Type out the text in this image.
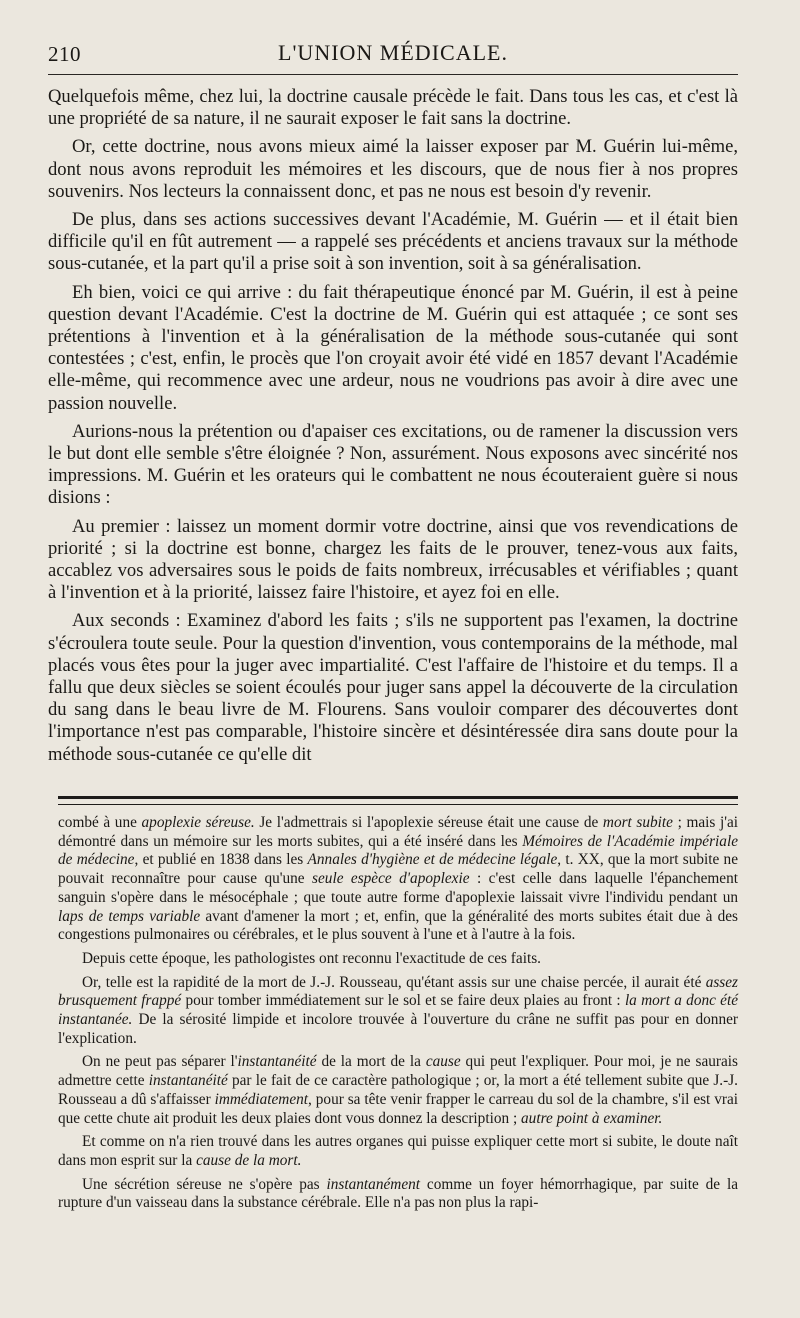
210	L'UNION MÉDICALE.

Quelquefois même, chez lui, la doctrine causale précède le fait. Dans tous les cas, et c'est là une propriété de sa nature, il ne saurait exposer le fait sans la doctrine.

Or, cette doctrine, nous avons mieux aimé la laisser exposer par M. Guérin lui-même, dont nous avons reproduit les mémoires et les discours, que de nous fier à nos propres souvenirs. Nos lecteurs la connaissent donc, et pas ne nous est besoin d'y revenir.

De plus, dans ses actions successives devant l'Académie, M. Guérin — et il était bien difficile qu'il en fût autrement — a rappelé ses précédents et anciens travaux sur la méthode sous-cutanée, et la part qu'il a prise soit à son invention, soit à sa généralisation.

Eh bien, voici ce qui arrive : du fait thérapeutique énoncé par M. Guérin, il est à peine question devant l'Académie. C'est la doctrine de M. Guérin qui est attaquée ; ce sont ses prétentions à l'invention et à la généralisation de la méthode sous-cutanée qui sont contestées ; c'est, enfin, le procès que l'on croyait avoir été vidé en 1857 devant l'Académie elle-même, qui recommence avec une ardeur, nous ne voudrions pas avoir à dire avec une passion nouvelle.

Aurions-nous la prétention ou d'apaiser ces excitations, ou de ramener la discussion vers le but dont elle semble s'être éloignée ? Non, assurément. Nous exposons avec sincérité nos impressions. M. Guérin et les orateurs qui le combattent ne nous écouteraient guère si nous disions :

Au premier : laissez un moment dormir votre doctrine, ainsi que vos revendications de priorité ; si la doctrine est bonne, chargez les faits de le prouver, tenez-vous aux faits, accablez vos adversaires sous le poids de faits nombreux, irrécusables et vérifiables ; quant à l'invention et à la priorité, laissez faire l'histoire, et ayez foi en elle.

Aux seconds : Examinez d'abord les faits ; s'ils ne supportent pas l'examen, la doctrine s'écroulera toute seule. Pour la question d'invention, vous contemporains de la méthode, mal placés vous êtes pour la juger avec impartialité. C'est l'affaire de l'histoire et du temps. Il a fallu que deux siècles se soient écoulés pour juger sans appel la découverte de la circulation du sang dans le beau livre de M. Flourens. Sans vouloir comparer des découvertes dont l'importance n'est pas comparable, l'histoire sincère et désintéressée dira sans doute pour la méthode sous-cutanée ce qu'elle dit

combé à une apoplexie séreuse. Je l'admettrais si l'apoplexie séreuse était une cause de mort subite ; mais j'ai démontré dans un mémoire sur les morts subites, qui a été inséré dans les Mémoires de l'Académie impériale de médecine, et publié en 1838 dans les Annales d'hygiène et de médecine légale, t. XX, que la mort subite ne pouvait reconnaître pour cause qu'une seule espèce d'apoplexie : c'est celle dans laquelle l'épanchement sanguin s'opère dans le mésocéphale ; que toute autre forme d'apoplexie laissait vivre l'individu pendant un laps de temps variable avant d'amener la mort ; et, enfin, que la généralité des morts subites était due à des congestions pulmonaires ou cérébrales, et le plus souvent à l'une et à l'autre à la fois.

Depuis cette époque, les pathologistes ont reconnu l'exactitude de ces faits.

Or, telle est la rapidité de la mort de J.-J. Rousseau, qu'étant assis sur une chaise percée, il aurait été assez brusquement frappé pour tomber immédiatement sur le sol et se faire deux plaies au front : la mort a donc été instantanée. De la sérosité limpide et incolore trouvée à l'ouverture du crâne ne suffit pas pour en donner l'explication.

On ne peut pas séparer l'instantanéité de la mort de la cause qui peut l'expliquer. Pour moi, je ne saurais admettre cette instantanéité par le fait de ce caractère pathologique ; or, la mort a été tellement subite que J.-J. Rousseau a dû s'affaisser immédiatement, pour sa tête venir frapper le carreau du sol de la chambre, s'il est vrai que cette chute ait produit les deux plaies dont vous donnez la description ; autre point à examiner.

Et comme on n'a rien trouvé dans les autres organes qui puisse expliquer cette mort si subite, le doute naît dans mon esprit sur la cause de la mort.

Une sécrétion séreuse ne s'opère pas instantanément comme un foyer hémorrhagique, par suite de la rupture d'un vaisseau dans la substance cérébrale. Elle n'a pas non plus la rapi-
